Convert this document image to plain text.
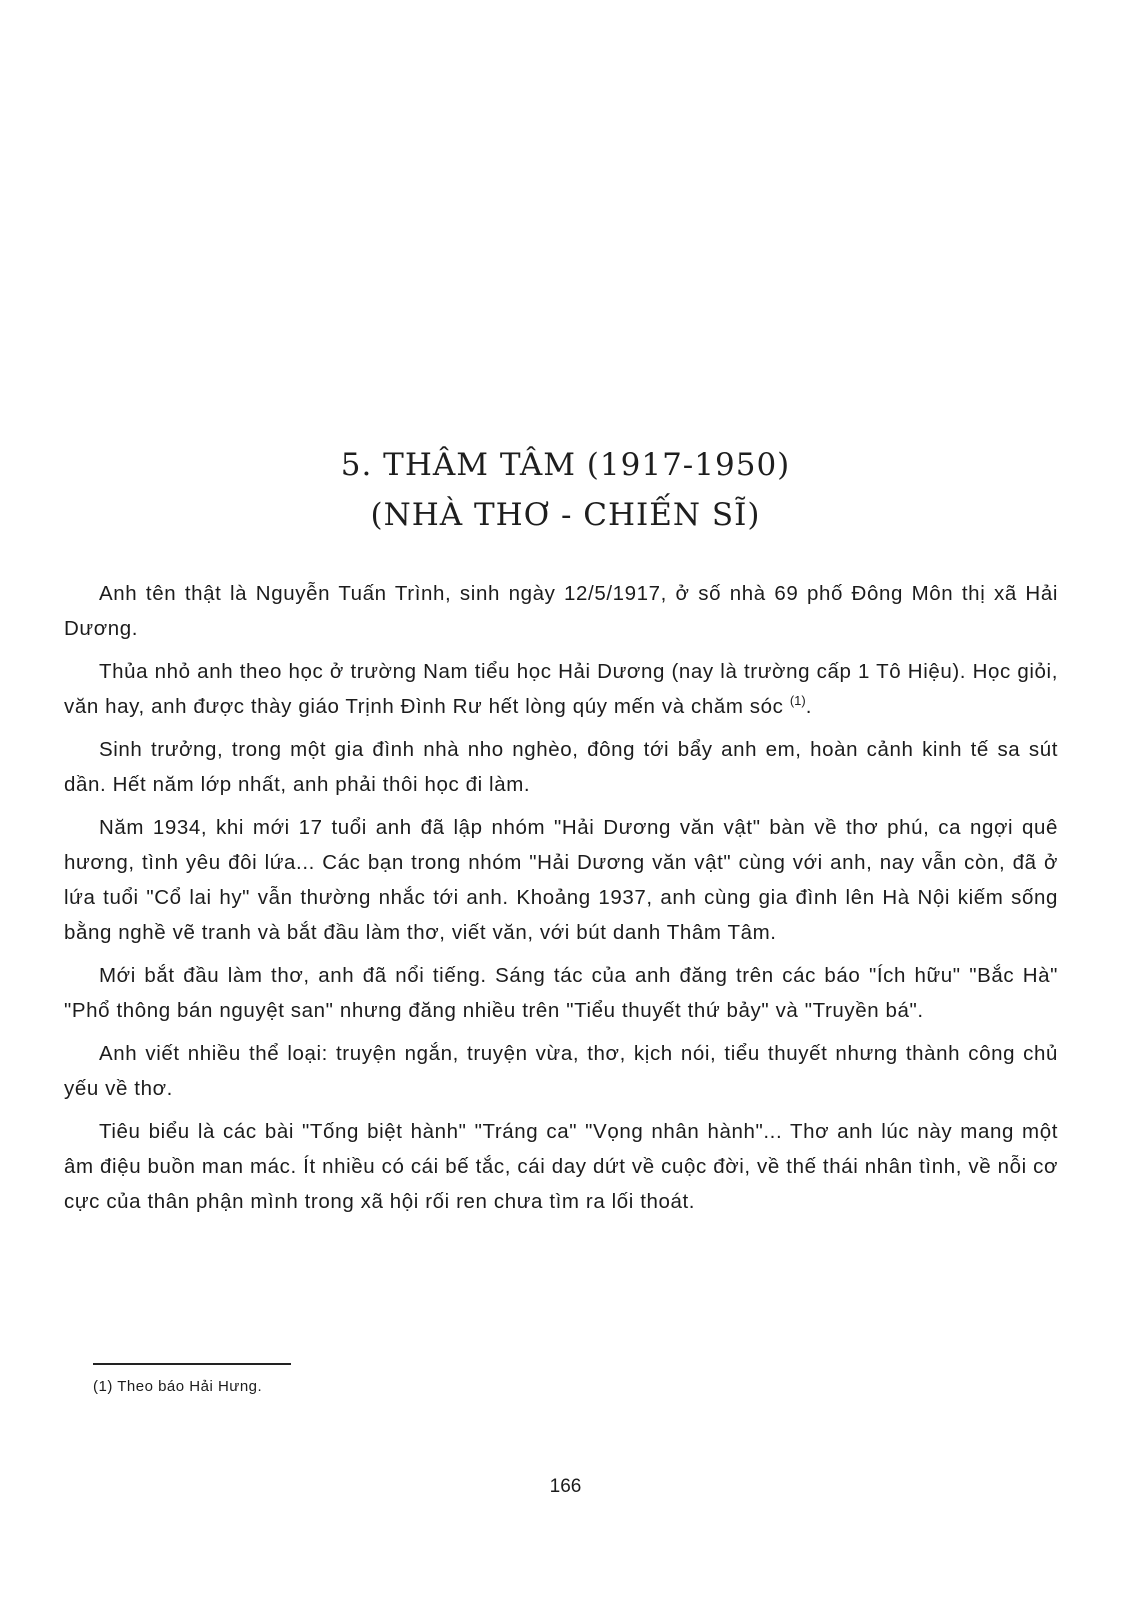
5. THÂM TÂM (1917-1950)
(NHÀ THƠ - CHIẾN SĨ)

Anh tên thật là Nguyễn Tuấn Trình, sinh ngày 12/5/1917, ở số nhà 69 phố Đông Môn thị xã Hải Dương.

Thủa nhỏ anh theo học ở trường Nam tiểu học Hải Dương (nay là trường cấp 1 Tô Hiệu). Học giỏi, văn hay, anh được thày giáo Trịnh Đình Rư hết lòng qúy mến và chăm sóc $^{(1)}$.

Sinh trưởng, trong một gia đình nhà nho nghèo, đông tới bẩy anh em, hoàn cảnh kinh tế sa sút dần. Hết năm lớp nhất, anh phải thôi học đi làm.

Năm 1934, khi mới 17 tuổi anh đã lập nhóm "Hải Dương văn vật" bàn về thơ phú, ca ngợi quê hương, tình yêu đôi lứa... Các bạn trong nhóm "Hải Dương văn vật" cùng với anh, nay vẫn còn, đã ở lứa tuổi "Cổ lai hy" vẫn thường nhắc tới anh. Khoảng 1937, anh cùng gia đình lên Hà Nội kiếm sống bằng nghề vẽ tranh và bắt đầu làm thơ, viết văn, với bút danh Thâm Tâm.

Mới bắt đầu làm thơ, anh đã nổi tiếng. Sáng tác của anh đăng trên các báo "Ích hữu" "Bắc Hà" "Phổ thông bán nguyệt san" nhưng đăng nhiều trên "Tiểu thuyết thứ bảy" và "Truyền bá".

Anh viết nhiều thể loại: truyện ngắn, truyện vừa, thơ, kịch nói, tiểu thuyết nhưng thành công chủ yếu về thơ.

Tiêu biểu là các bài "Tống biệt hành" "Tráng ca" "Vọng nhân hành"... Thơ anh lúc này mang một âm điệu buồn man mác. Ít nhiều có cái bế tắc, cái day dứt về cuộc đời, về thế thái nhân tình, về nỗi cơ cực của thân phận mình trong xã hội rối ren chưa tìm ra lối thoát.

(1) Theo báo Hải Hưng.
166
